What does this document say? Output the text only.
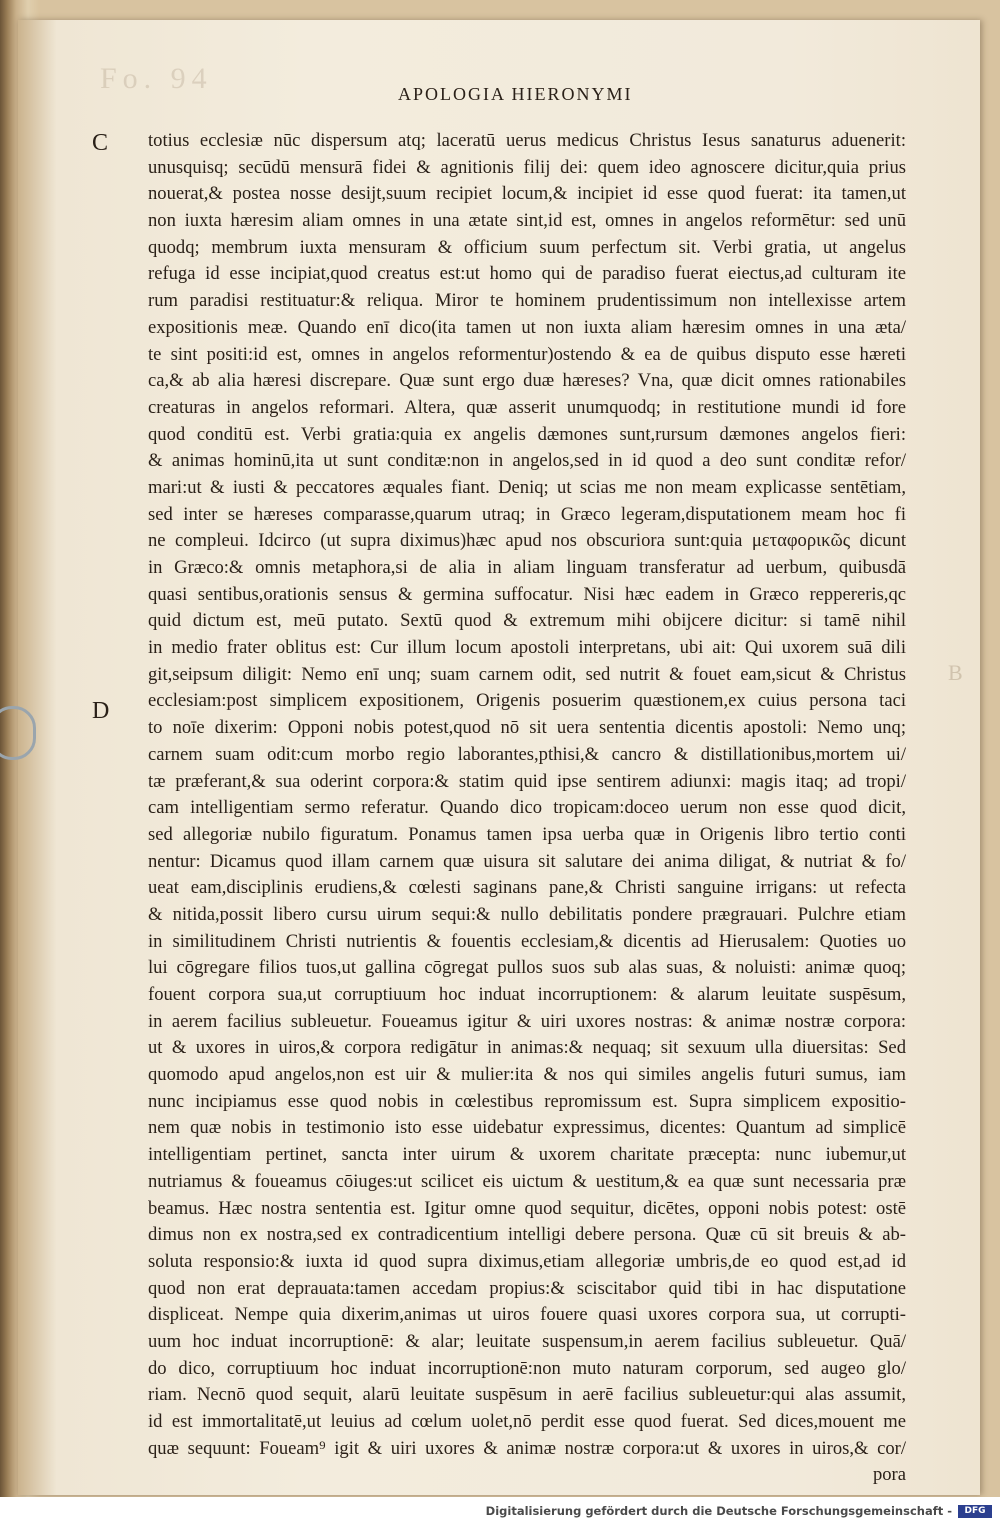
Fo. 94
B
APOLOGIA HIERONYMI
C
D
totius ecclesiæ nūc dispersum atq; laceratū uerus medicus Christus Iesus sanaturus aduenerit:
unusquisq; secūdū mensurā fidei & agnitionis filij dei: quem ideo agnoscere dicitur,quia prius
nouerat,& postea nosse desijt,suum recipiet locum,& incipiet id esse quod fuerat: ita tamen,ut
non iuxta hæresim aliam omnes in una ætate sint,id est, omnes in angelos reformētur: sed unū
quodq; membrum iuxta mensuram & officium suum perfectum sit. Verbi gratia, ut angelus
refuga id esse incipiat,quod creatus est:ut homo qui de paradiso fuerat eiectus,ad culturam ite
rum paradisi restituatur:& reliqua. Miror te hominem prudentissimum non intellexisse artem
expositionis meæ. Quando enī dico(ita tamen ut non iuxta aliam hæresim omnes in una æta/
te sint positi:id est, omnes in angelos reformentur)ostendo & ea de quibus disputo esse hæreti
ca,& ab alia hæresi discrepare. Quæ sunt ergo duæ hæreses? Vna, quæ dicit omnes rationabiles
creaturas in angelos reformari. Altera, quæ asserit unumquodq; in restitutione mundi id fore
quod conditū est. Verbi gratia:quia ex angelis dæmones sunt,rursum dæmones angelos fieri:
& animas hominū,ita ut sunt conditæ:non in angelos,sed in id quod a deo sunt conditæ refor/
mari:ut & iusti & peccatores æquales fiant. Deniq; ut scias me non meam explicasse sentētiam,
sed inter se hæreses comparasse,quarum utraq; in Græco legeram,disputationem meam hoc fi
ne compleui. Idcirco (ut supra diximus)hæc apud nos obscuriora sunt:quia μεταφορικῶς dicunt
in Græco:& omnis metaphora,si de alia in aliam linguam transferatur ad uerbum, quibusdā
quasi sentibus,orationis sensus & germina suffocatur. Nisi hæc eadem in Græco reppereris,qc
quid dictum est, meū putato. Sextū quod & extremum mihi obijcere dicitur: si tamē nihil
in medio frater oblitus est: Cur illum locum apostoli interpretans, ubi ait: Qui uxorem suā dili
git,seipsum diligit: Nemo enī unq; suam carnem odit, sed nutrit & fouet eam,sicut & Christus
ecclesiam:post simplicem expositionem, Origenis posuerim quæstionem,ex cuius persona taci
to noīe dixerim: Opponi nobis potest,quod nō sit uera sententia dicentis apostoli: Nemo unq;
carnem suam odit:cum morbo regio laborantes,pthisi,& cancro & distillationibus,mortem ui/
tæ præferant,& sua oderint corpora:& statim quid ipse sentirem adiunxi: magis itaq; ad tropi/
cam intelligentiam sermo referatur. Quando dico tropicam:doceo uerum non esse quod dicit,
sed allegoriæ nubilo figuratum. Ponamus tamen ipsa uerba quæ in Origenis libro tertio conti
nentur: Dicamus quod illam carnem quæ uisura sit salutare dei anima diligat, & nutriat & fo/
ueat eam,disciplinis erudiens,& cœlesti saginans pane,& Christi sanguine irrigans: ut refecta
& nitida,possit libero cursu uirum sequi:& nullo debilitatis pondere prægrauari. Pulchre etiam
in similitudinem Christi nutrientis & fouentis ecclesiam,& dicentis ad Hierusalem: Quoties uo
lui cōgregare filios tuos,ut gallina cōgregat pullos suos sub alas suas, & noluisti: animæ quoq;
fouent corpora sua,ut corruptiuum hoc induat incorruptionem: & alarum leuitate suspēsum,
in aerem facilius subleuetur. Foueamus igitur & uiri uxores nostras: & animæ nostræ corpora:
ut & uxores in uiros,& corpora redigātur in animas:& nequaq; sit sexuum ulla diuersitas: Sed
quomodo apud angelos,non est uir & mulier:ita & nos qui similes angelis futuri sumus, iam
nunc incipiamus esse quod nobis in cœlestibus repromissum est. Supra simplicem expositio-
nem quæ nobis in testimonio isto esse uidebatur expressimus, dicentes: Quantum ad simplicē
intelligentiam pertinet, sancta inter uirum & uxorem charitate præcepta: nunc iubemur,ut
nutriamus & foueamus cōiuges:ut scilicet eis uictum & uestitum,& ea quæ sunt necessaria præ
beamus. Hæc nostra sententia est. Igitur omne quod sequitur, dicētes, opponi nobis potest: ostē
dimus non ex nostra,sed ex contradicentium intelligi debere persona. Quæ cū sit breuis & ab-
soluta responsio:& iuxta id quod supra diximus,etiam allegoriæ umbris,de eo quod est,ad id
quod non erat deprauata:tamen accedam propius:& sciscitabor quid tibi in hac disputatione
displiceat. Nempe quia dixerim,animas ut uiros fouere quasi uxores corpora sua, ut corrupti-
uum hoc induat incorruptionē: & alar; leuitate suspensum,in aerem facilius subleuetur. Quā/
do dico, corruptiuum hoc induat incorruptionē:non muto naturam corporum, sed augeo glo/
riam. Necnō quod sequit, alarū leuitate suspēsum in aerē facilius subleuetur:qui alas assumit,
id est immortalitatē,ut leuius ad cœlum uolet,nō perdit esse quod fuerat. Sed dices,mouent me
quæ sequunt: Foueam⁹ igit & uiri uxores & animæ nostræ corpora:ut & uxores in uiros,& cor/
pora
Digitalisierung gefördert durch die Deutsche Forschungsgemeinschaft -	DFG
